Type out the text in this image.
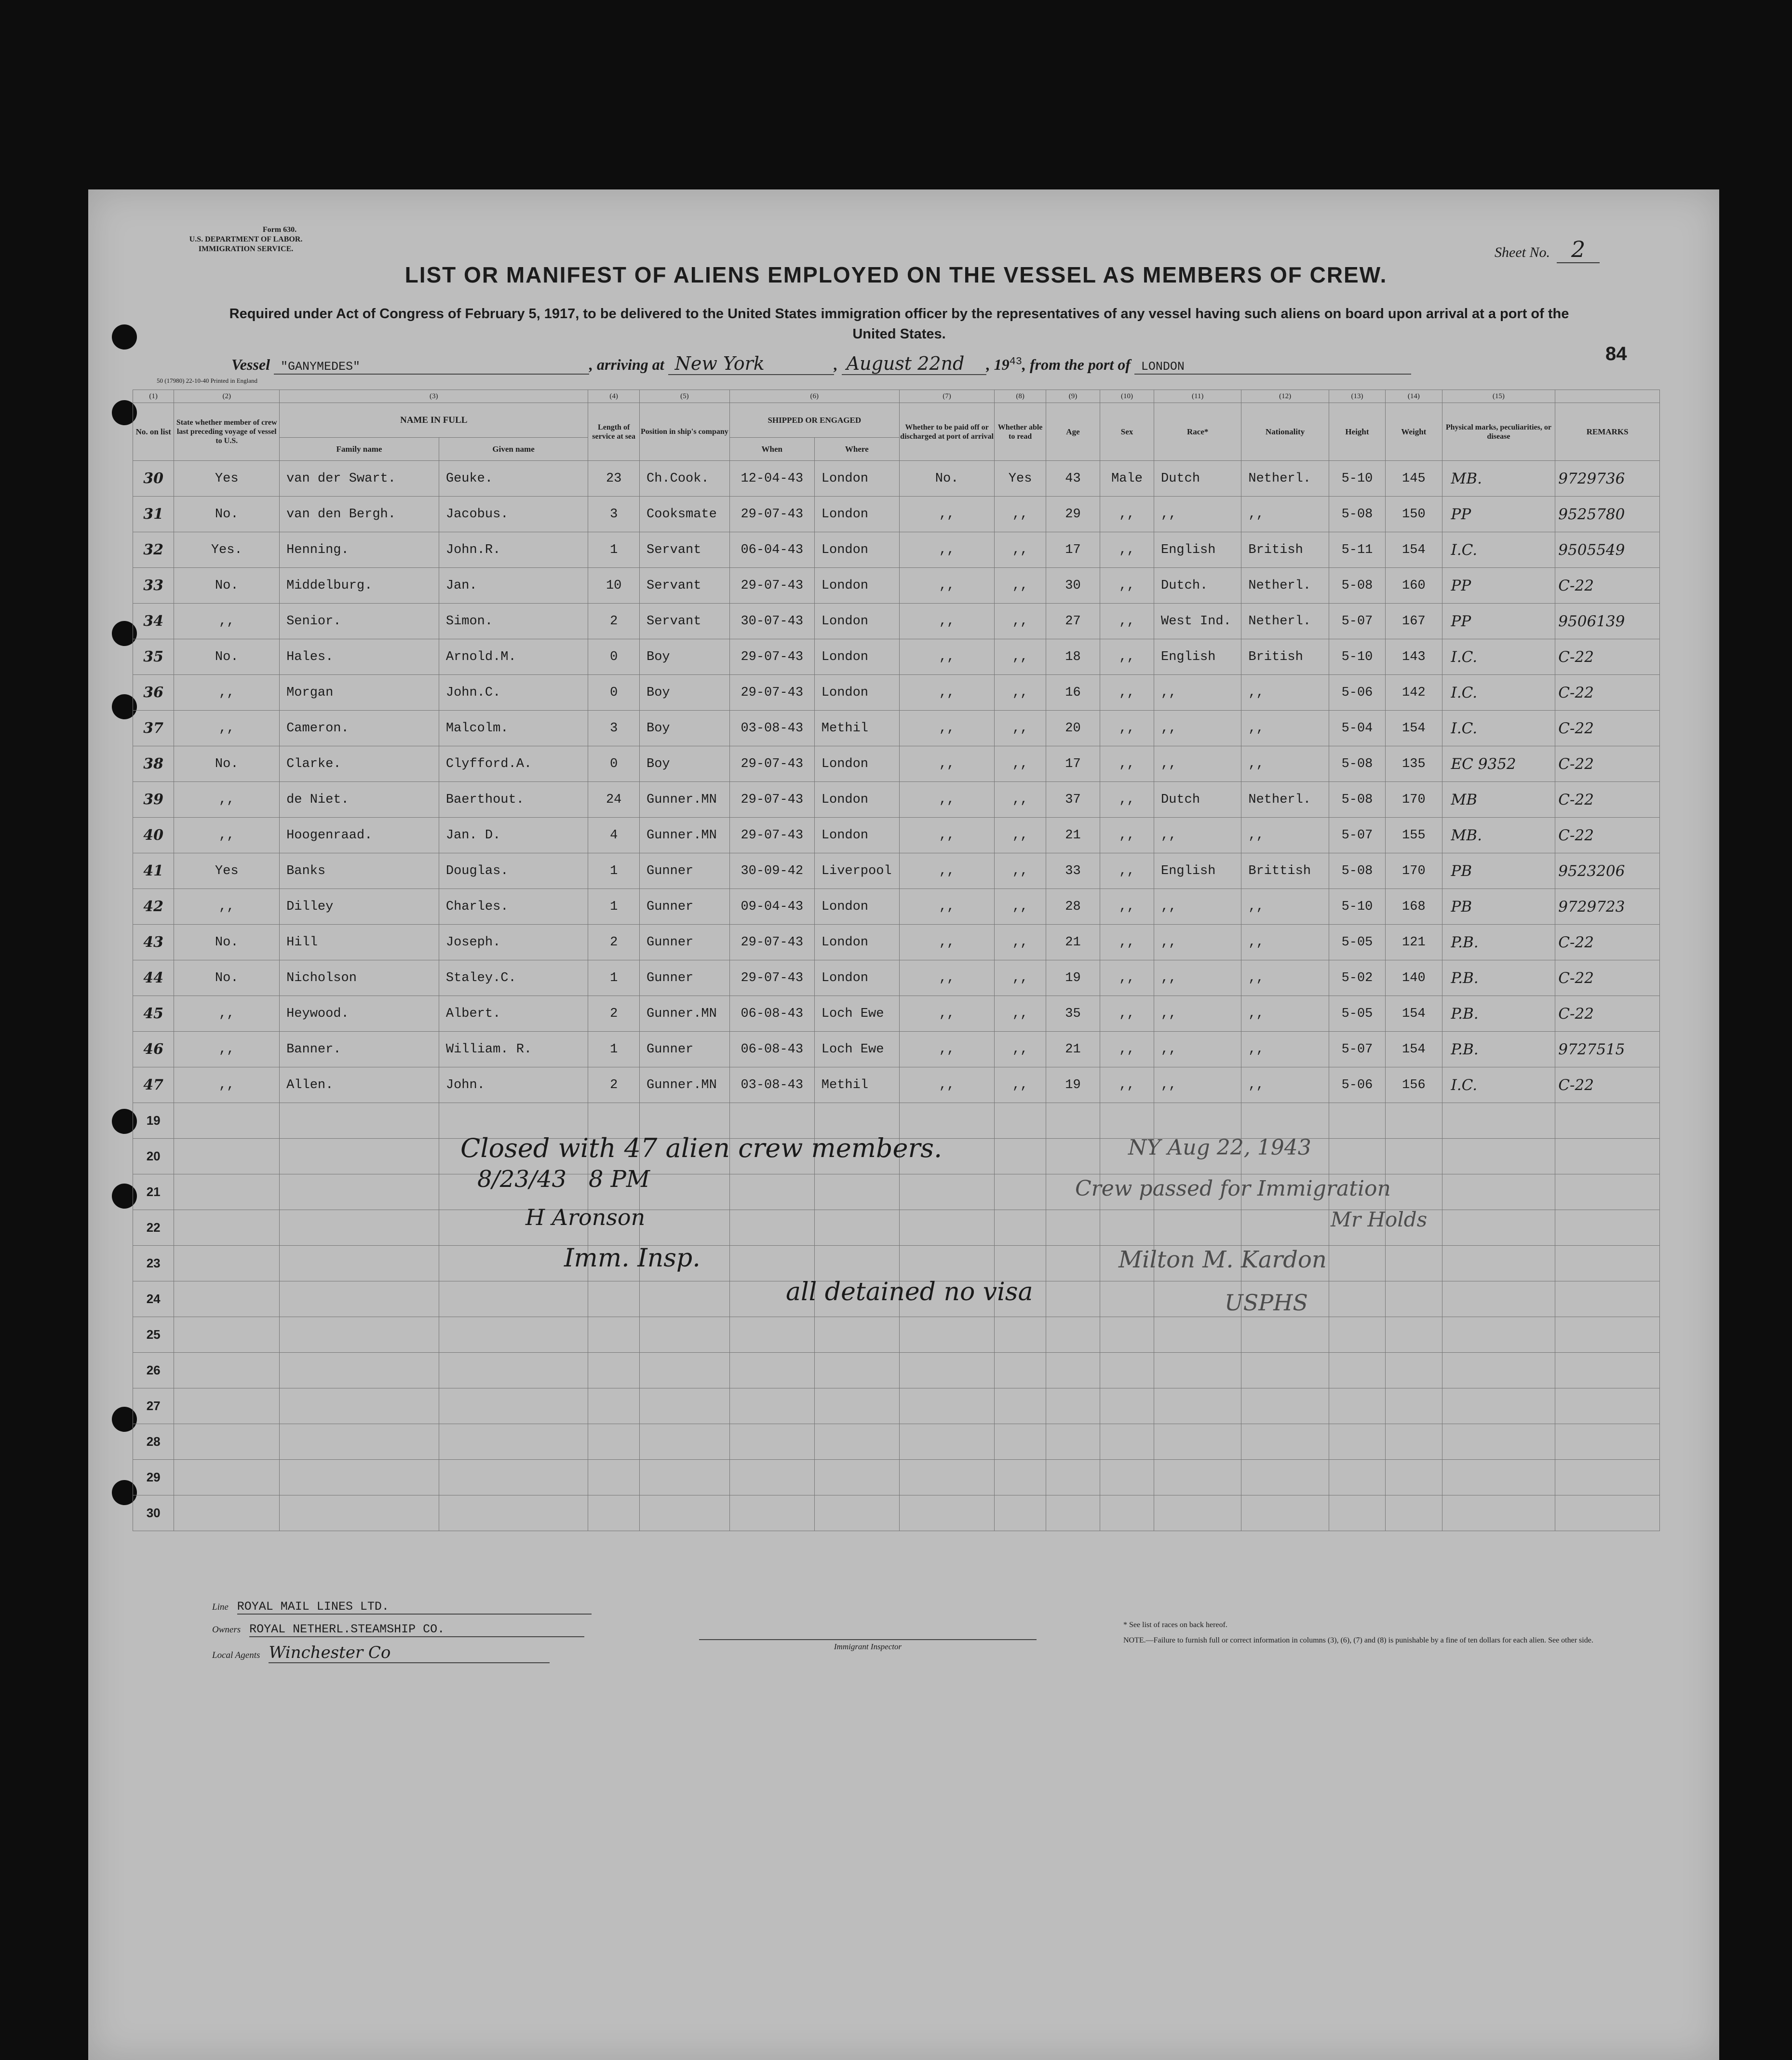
Form 630.
U.S. DEPARTMENT OF LABOR.
IMMIGRATION SERVICE.	Sheet No. 2
LIST OR MANIFEST OF ALIENS EMPLOYED ON THE VESSEL AS MEMBERS OF CREW.
Required under Act of Congress of February 5, 1917, to be delivered to the United States immigration officer by the representatives of any vessel having such aliens on board upon arrival at a port of the United States.
84
Vessel "GANYMEDES"	, arriving at New York	, August 22nd , $19^{43}$, from the port of LONDON
50 (17980) 22-10-40 Printed in England
(1)	(2)	(3)		(4)	(5)	(6)		(7)	(8)	(9)	(10)	(11)	(12)	(13)	(14)	(15)	
No. on list	State whether member of crew last preceding voyage of vessel to U.S.	NAME IN FULL		Length of service at sea	Position in ship's company	SHIPPED OR ENGAGED		Whether to be paid off or discharged at port of arrival	Whether able to read	Age	Sex	Race*	Nationality	Height	Weight	Physical marks, peculiarities, or disease	REMARKS
		Family name	Given name			When	Where										
30	Yes	van der Swart.	Geuke.	23	Ch.Cook.	12-04-43	London	No.	Yes	43	Male	Dutch	Netherl.	5-10	145	MB.	9729736
31	No.	van den Bergh.	Jacobus.	3	Cooksmate	29-07-43	London	,,	,,	29	,,	,,	,,	5-08	150	PP	9525780
32	Yes.	Henning.	John.R.	1	Servant	06-04-43	London	,,	,,	17	,,	English	British	5-11	154	I.C.	9505549
33	No.	Middelburg.	Jan.	10	Servant	29-07-43	London	,,	,,	30	,,	Dutch.	Netherl.	5-08	160	PP	C-22
34	,,	Senior.	Simon.	2	Servant	30-07-43	London	,,	,,	27	,,	West Ind.	Netherl.	5-07	167	PP	9506139
35	No.	Hales.	Arnold.M.	0	Boy	29-07-43	London	,,	,,	18	,,	English	British	5-10	143	I.C.	C-22
36	,,	Morgan	John.C.	0	Boy	29-07-43	London	,,	,,	16	,,	,,	,,	5-06	142	I.C.	C-22
37	,,	Cameron.	Malcolm.	3	Boy	03-08-43	Methil	,,	,,	20	,,	,,	,,	5-04	154	I.C.	C-22
38	No.	Clarke.	Clyfford.A.	0	Boy	29-07-43	London	,,	,,	17	,,	,,	,,	5-08	135	EC 9352	C-22
39	,,	de Niet.	Baerthout.	24	Gunner.MN	29-07-43	London	,,	,,	37	,,	Dutch	Netherl.	5-08	170	MB	C-22
40	,,	Hoogenraad.	Jan. D.	4	Gunner.MN	29-07-43	London	,,	,,	21	,,	,,	,,	5-07	155	MB.	C-22
41	Yes	Banks	Douglas.	1	Gunner	30-09-42	Liverpool	,,	,,	33	,,	English	Brittish	5-08	170	PB	9523206
42	,,	Dilley	Charles.	1	Gunner	09-04-43	London	,,	,,	28	,,	,,	,,	5-10	168	PB	9729723
43	No.	Hill	Joseph.	2	Gunner	29-07-43	London	,,	,,	21	,,	,,	,,	5-05	121	P.B.	C-22
44	No.	Nicholson	Staley.C.	1	Gunner	29-07-43	London	,,	,,	19	,,	,,	,,	5-02	140	P.B.	C-22
45	,,	Heywood.	Albert.	2	Gunner.MN	06-08-43	Loch Ewe	,,	,,	35	,,	,,	,,	5-05	154	P.B.	C-22
46	,,	Banner.	William. R.	1	Gunner	06-08-43	Loch Ewe	,,	,,	21	,,	,,	,,	5-07	154	P.B.	9727515
47	,,	Allen.	John.	2	Gunner.MN	03-08-43	Methil	,,	,,	19	,,	,,	,,	5-06	156	I.C.	C-22
19																	
20																	
21																	
22																	
23																	
24																	
25																	
26																	
27																	
28																	
29																	
30																	
Closed with 47 alien crew members.
8/23/43   8 PM
H Aronson
Imm. Insp.
all detained no visa
NY Aug 22, 1943
Crew passed for Immigration
Mr Holds
Milton M. Kardon
USPHS
Line ROYAL MAIL LINES LTD.
Owners ROYAL NETHERL.STEAMSHIP CO.
Local Agents Winchester Co	Immigrant Inspector
* See list of races on back hereof.
NOTE.—Failure to furnish full or correct information in columns (3), (6), (7) and (8) is punishable by a fine of ten dollars for each alien. See other side.
